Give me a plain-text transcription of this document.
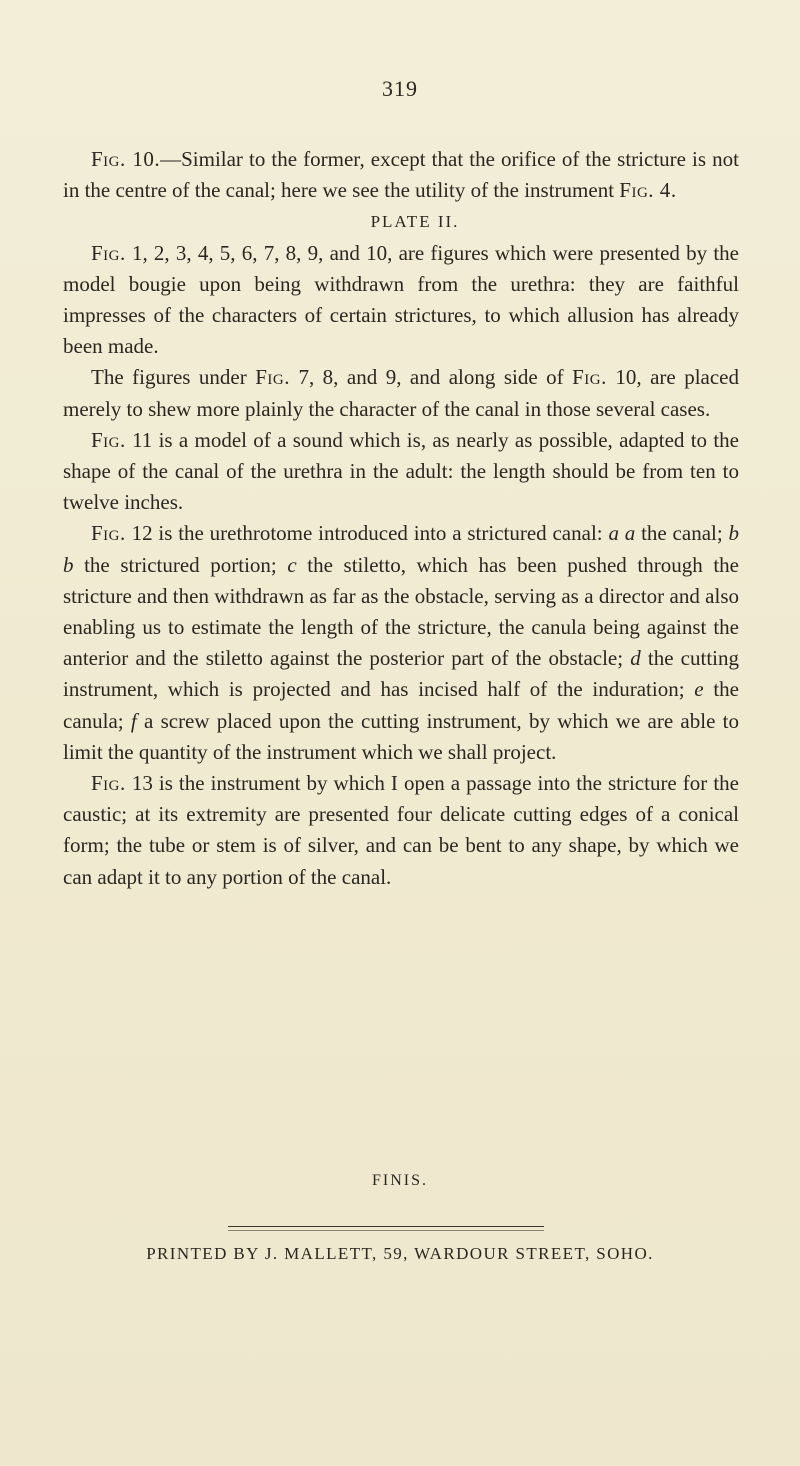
319

Fig. 10.—Similar to the former, except that the orifice of the stricture is not in the centre of the canal; here we see the utility of the instrument Fig. 4.

PLATE II.

Fig. 1, 2, 3, 4, 5, 6, 7, 8, 9, and 10, are figures which were presented by the model bougie upon being withdrawn from the urethra: they are faithful impresses of the characters of certain strictures, to which allusion has already been made.

The figures under Fig. 7, 8, and 9, and along side of Fig. 10, are placed merely to shew more plainly the character of the canal in those several cases.

Fig. 11 is a model of a sound which is, as nearly as possible, adapted to the shape of the canal of the urethra in the adult: the length should be from ten to twelve inches.

Fig. 12 is the urethrotome introduced into a strictured canal: a a the canal; b b the strictured portion; c the stiletto, which has been pushed through the stricture and then withdrawn as far as the obstacle, serving as a director and also enabling us to estimate the length of the stricture, the canula being against the anterior and the stiletto against the posterior part of the obstacle; d the cutting instrument, which is projected and has incised half of the induration; e the canula; f a screw placed upon the cutting instrument, by which we are able to limit the quantity of the instrument which we shall project.

Fig. 13 is the instrument by which I open a passage into the stricture for the caustic; at its extremity are presented four delicate cutting edges of a conical form; the tube or stem is of silver, and can be bent to any shape, by which we can adapt it to any portion of the canal.

FINIS.
PRINTED BY J. MALLETT, 59, WARDOUR STREET, SOHO.
